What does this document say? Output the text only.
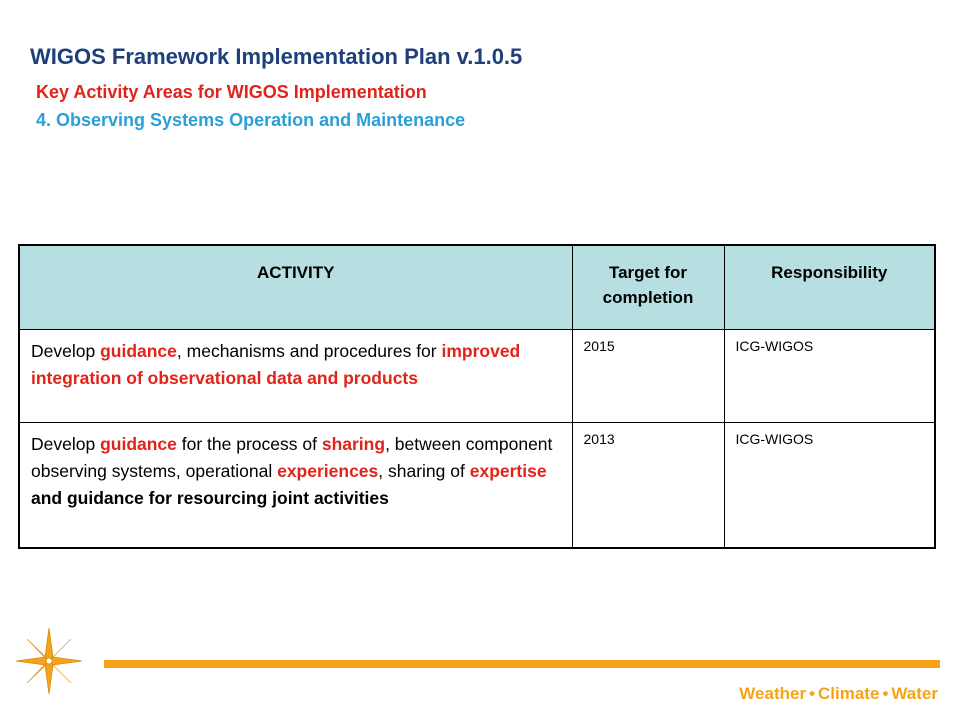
WIGOS Framework Implementation Plan v.1.0.5
Key Activity Areas for WIGOS Implementation
4. Observing Systems Operation and Maintenance
ACTIVITY	Target for completion	Responsibility
Develop guidance, mechanisms and procedures for improved integration of observational data and products	2015	ICG-WIGOS
Develop guidance for the process of sharing, between component observing systems, operational experiences, sharing of expertise and guidance for resourcing joint activities	2013	ICG-WIGOS
Weather • Climate • Water
